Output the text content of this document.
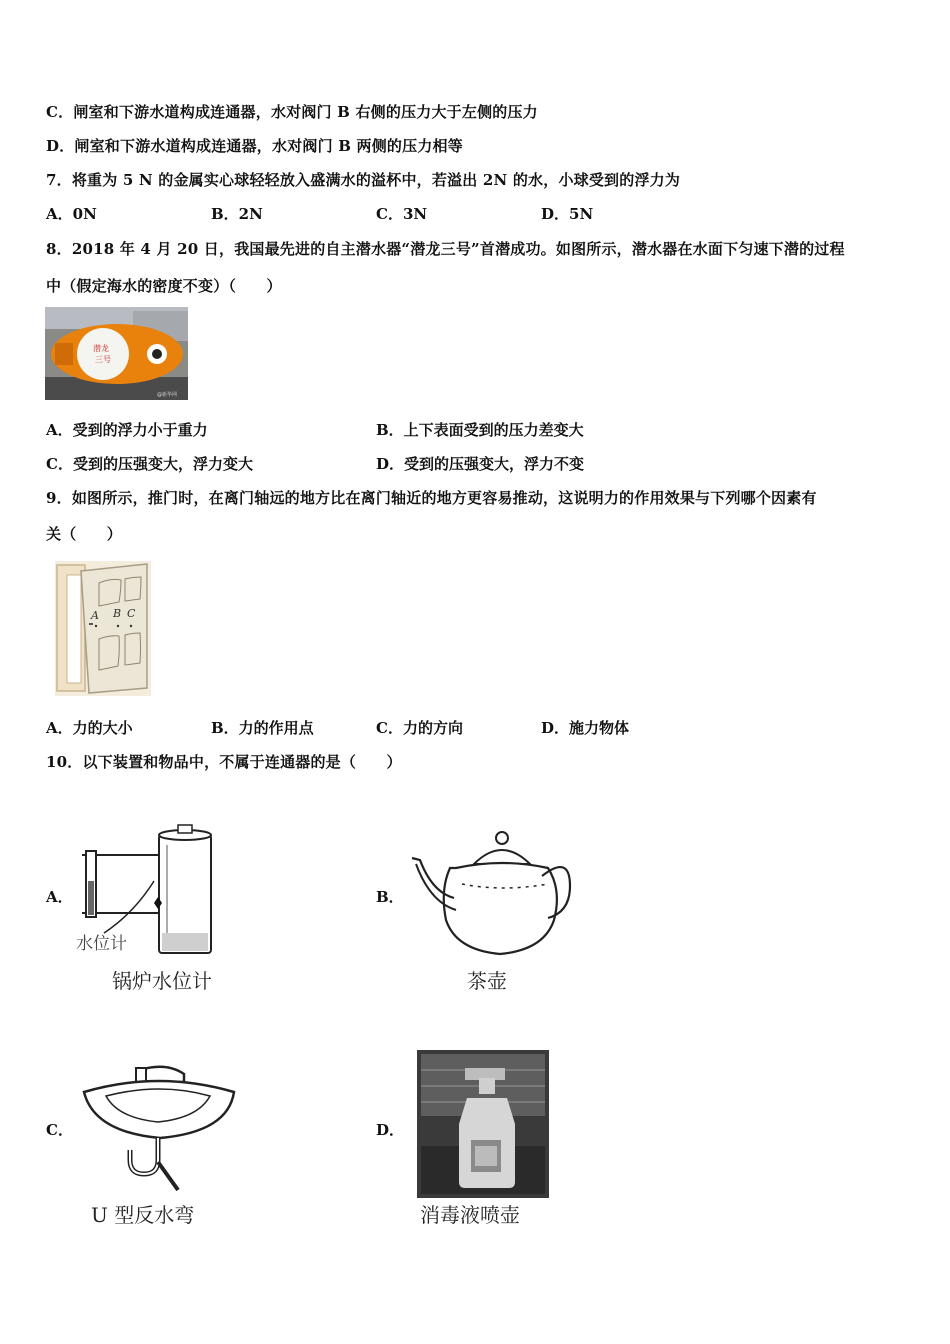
C．闸室和下游水道构成连通器，水对阀门 B 右侧的压力大于左侧的压力
D．闸室和下游水道构成连通器，水对阀门 B 两侧的压力相等
7．将重为 5 N 的金属实心球轻轻放入盛满水的溢杯中，若溢出 2N 的水，小球受到的浮力为
A．0N	B．2N	C．3N	D．5N
8．2018 年 4 月 20 日，我国最先进的自主潜水器“潜龙三号”首潜成功。如图所示，潜水器在水面下匀速下潜的过程
中（假定海水的密度不变）（　　）
潜龙
三号
@新华网
A．受到的浮力小于重力	B．上下表面受到的压力差变大
C．受到的压强变大，浮力变大	D．受到的压强变大，浮力不变
9．如图所示，推门时，在离门轴远的地方比在离门轴近的地方更容易推动，这说明力的作用效果与下列哪个因素有
关（　　）
A B C
A．力的大小	B．力的作用点	C．力的方向	D．施力物体
10．以下装置和物品中，不属于连通器的是（　　）
A．
水位计
锅炉水位计
B．
茶壶
C．
U 型反水弯
D．
消毒液喷壶
